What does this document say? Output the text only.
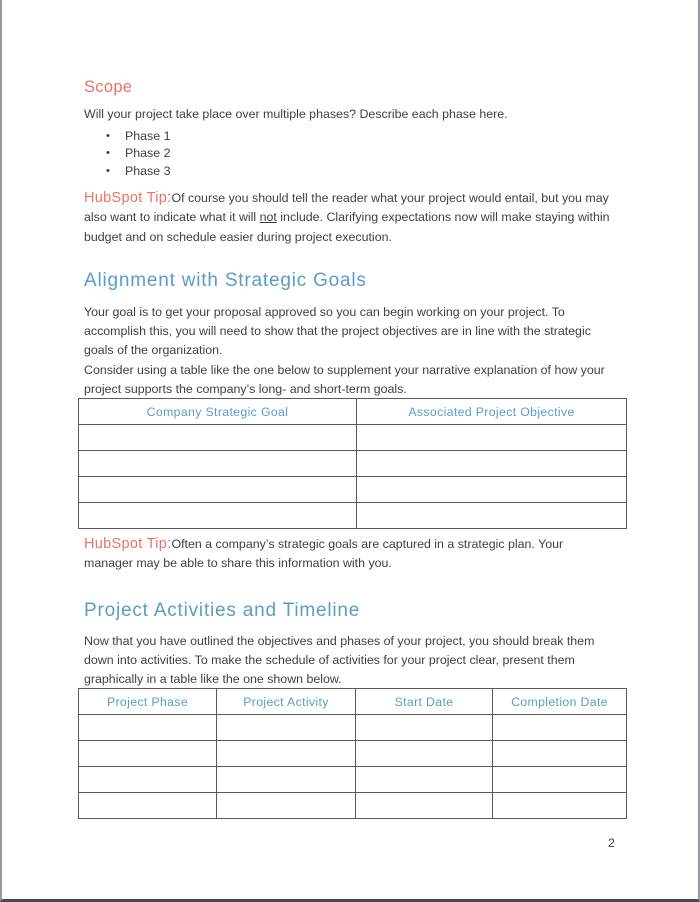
Scope

Will your project take place over multiple phases? Describe each phase here.

• Phase 1
• Phase 2
• Phase 3

HubSpot Tip:Of course you should tell the reader what your project would entail, but you may also want to indicate what it will not include. Clarifying expectations now will make staying within budget and on schedule easier during project execution.

Alignment with Strategic Goals

Your goal is to get your proposal approved so you can begin working on your project. To accomplish this, you will need to show that the project objectives are in line with the strategic goals of the organization.

Consider using a table like the one below to supplement your narrative explanation of how your project supports the company’s long- and short-term goals.

Company Strategic Goal	Associated Project Objective

HubSpot Tip:Often a company’s strategic goals are captured in a strategic plan. Your manager may be able to share this information with you.

Project Activities and Timeline

Now that you have outlined the objectives and phases of your project, you should break them down into activities. To make the schedule of activities for your project clear, present them graphically in a table like the one shown below.

Project Phase	Project Activity	Start Date	Completion Date

2
